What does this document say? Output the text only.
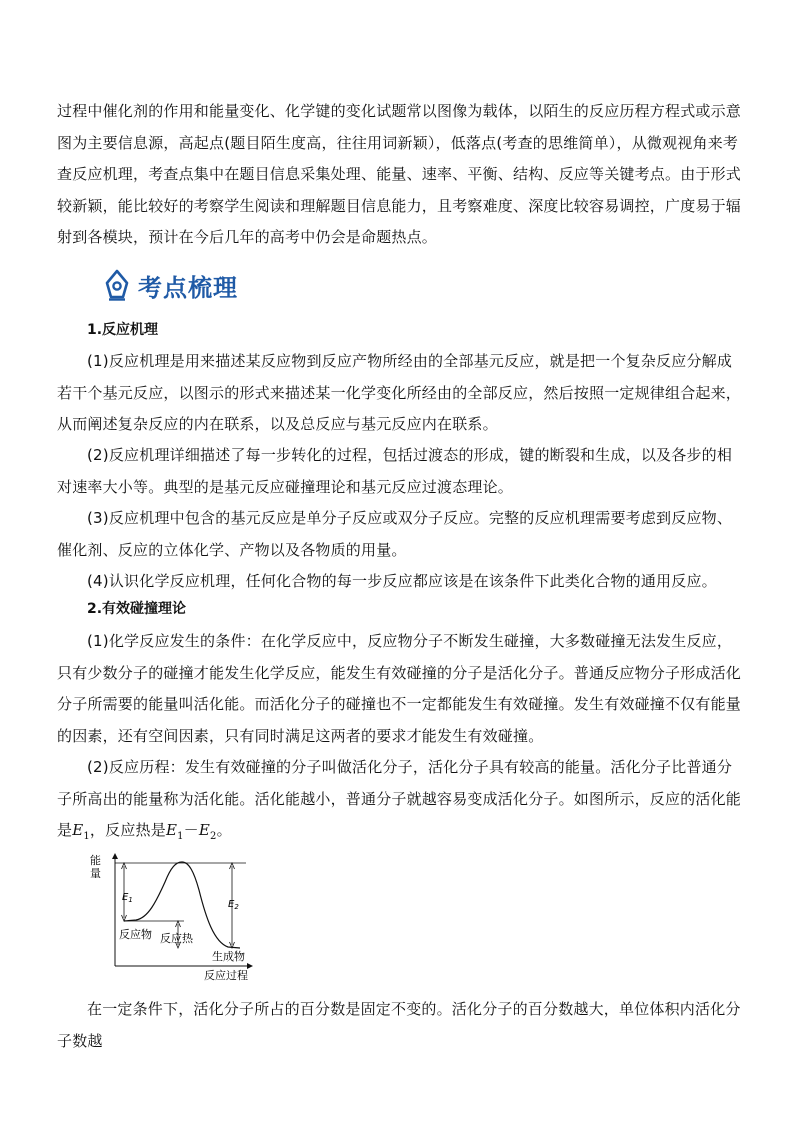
过程中催化剂的作用和能量变化、化学键的变化试题常以图像为载体，以陌生的反应历程方程式或示意图为主要信息源，高起点(题目陌生度高，往往用词新颖），低落点(考查的思维简单），从微观视角来考查反应机理，考查点集中在题目信息采集处理、能量、速率、平衡、结构、反应等关键考点。由于形式较新颖，能比较好的考察学生阅读和理解题目信息能力，且考察难度、深度比较容易调控，广度易于辐射到各模块，预计在今后几年的高考中仍会是命题热点。
考点梳理
1.反应机理
(1)反应机理是用来描述某反应物到反应产物所经由的全部基元反应，就是把一个复杂反应分解成若干个基元反应，以图示的形式来描述某一化学变化所经由的全部反应，然后按照一定规律组合起来，从而阐述复杂反应的内在联系，以及总反应与基元反应内在联系。
(2)反应机理详细描述了每一步转化的过程，包括过渡态的形成，键的断裂和生成，以及各步的相对速率大小等。典型的是基元反应碰撞理论和基元反应过渡态理论。
(3)反应机理中包含的基元反应是单分子反应或双分子反应。完整的反应机理需要考虑到反应物、催化剂、反应的立体化学、产物以及各物质的用量。
(4)认识化学反应机理，任何化合物的每一步反应都应该是在该条件下此类化合物的通用反应。
2.有效碰撞理论
(1)化学反应发生的条件：在化学反应中，反应物分子不断发生碰撞，大多数碰撞无法发生反应，只有少数分子的碰撞才能发生化学反应，能发生有效碰撞的分子是活化分子。普通反应物分子形成活化分子所需要的能量叫活化能。而活化分子的碰撞也不一定都能发生有效碰撞。发生有效碰撞不仅有能量的因素，还有空间因素，只有同时满足这两者的要求才能发生有效碰撞。
(2)反应历程：发生有效碰撞的分子叫做活化分子，活化分子具有较高的能量。活化分子比普通分子所高出的能量称为活化能。活化能越小，普通分子就越容易变成活化分子。如图所示，反应的活化能是$E_1$，反应热是$E_1-E_2$。
能
量
$E_1$	$E_2$
反应物 反应热
生成物
反应过程
在一定条件下，活化分子所占的百分数是固定不变的。活化分子的百分数越大，单位体积内活化分子数越
